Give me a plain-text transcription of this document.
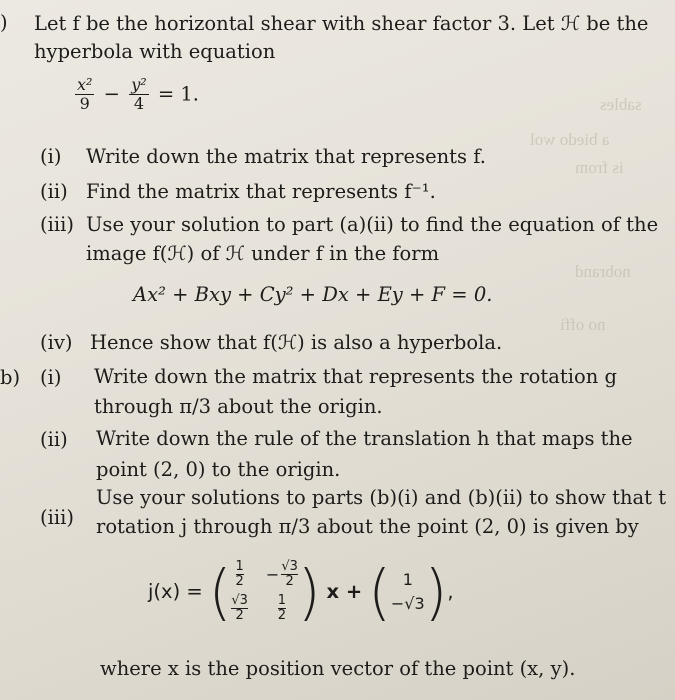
sables
a biedo wol
is from
nobrand
no offi
) Let f be the horizontal shear with shear factor 3. Let ℋ be the
hyperbola with equation
$\frac{\text{x²}}{9} - \frac{\text{y²}}{4} = 1$.
(i) Write down the matrix that represents f.
(ii) Find the matrix that represents f⁻¹.
(iii) Use your solution to part (a)(ii) to find the equation of the
image f(ℋ) of ℋ under f in the form
Ax² + Bxy + Cy² + Dx + Ey + F = 0.
(iv) Hence show that f(ℋ) is also a hyperbola.
b) (i) Write down the matrix that represents the rotation g
through π/3 about the origin.
(ii) Write down the rule of the translation h that maps the
point (2, 0) to the origin.
(iii)
Use your solutions to parts (b)(i) and (b)(ii) to show that t
rotation j through π/3 about the point (2, 0) is given by
j(x) = ( $\frac{1}{2} - \frac{√3}{2}$
$\frac{√3}{2} \frac{1}{2}$ ) x + ( 1
−√3 ) ,
where x is the position vector of the point (x, y).
